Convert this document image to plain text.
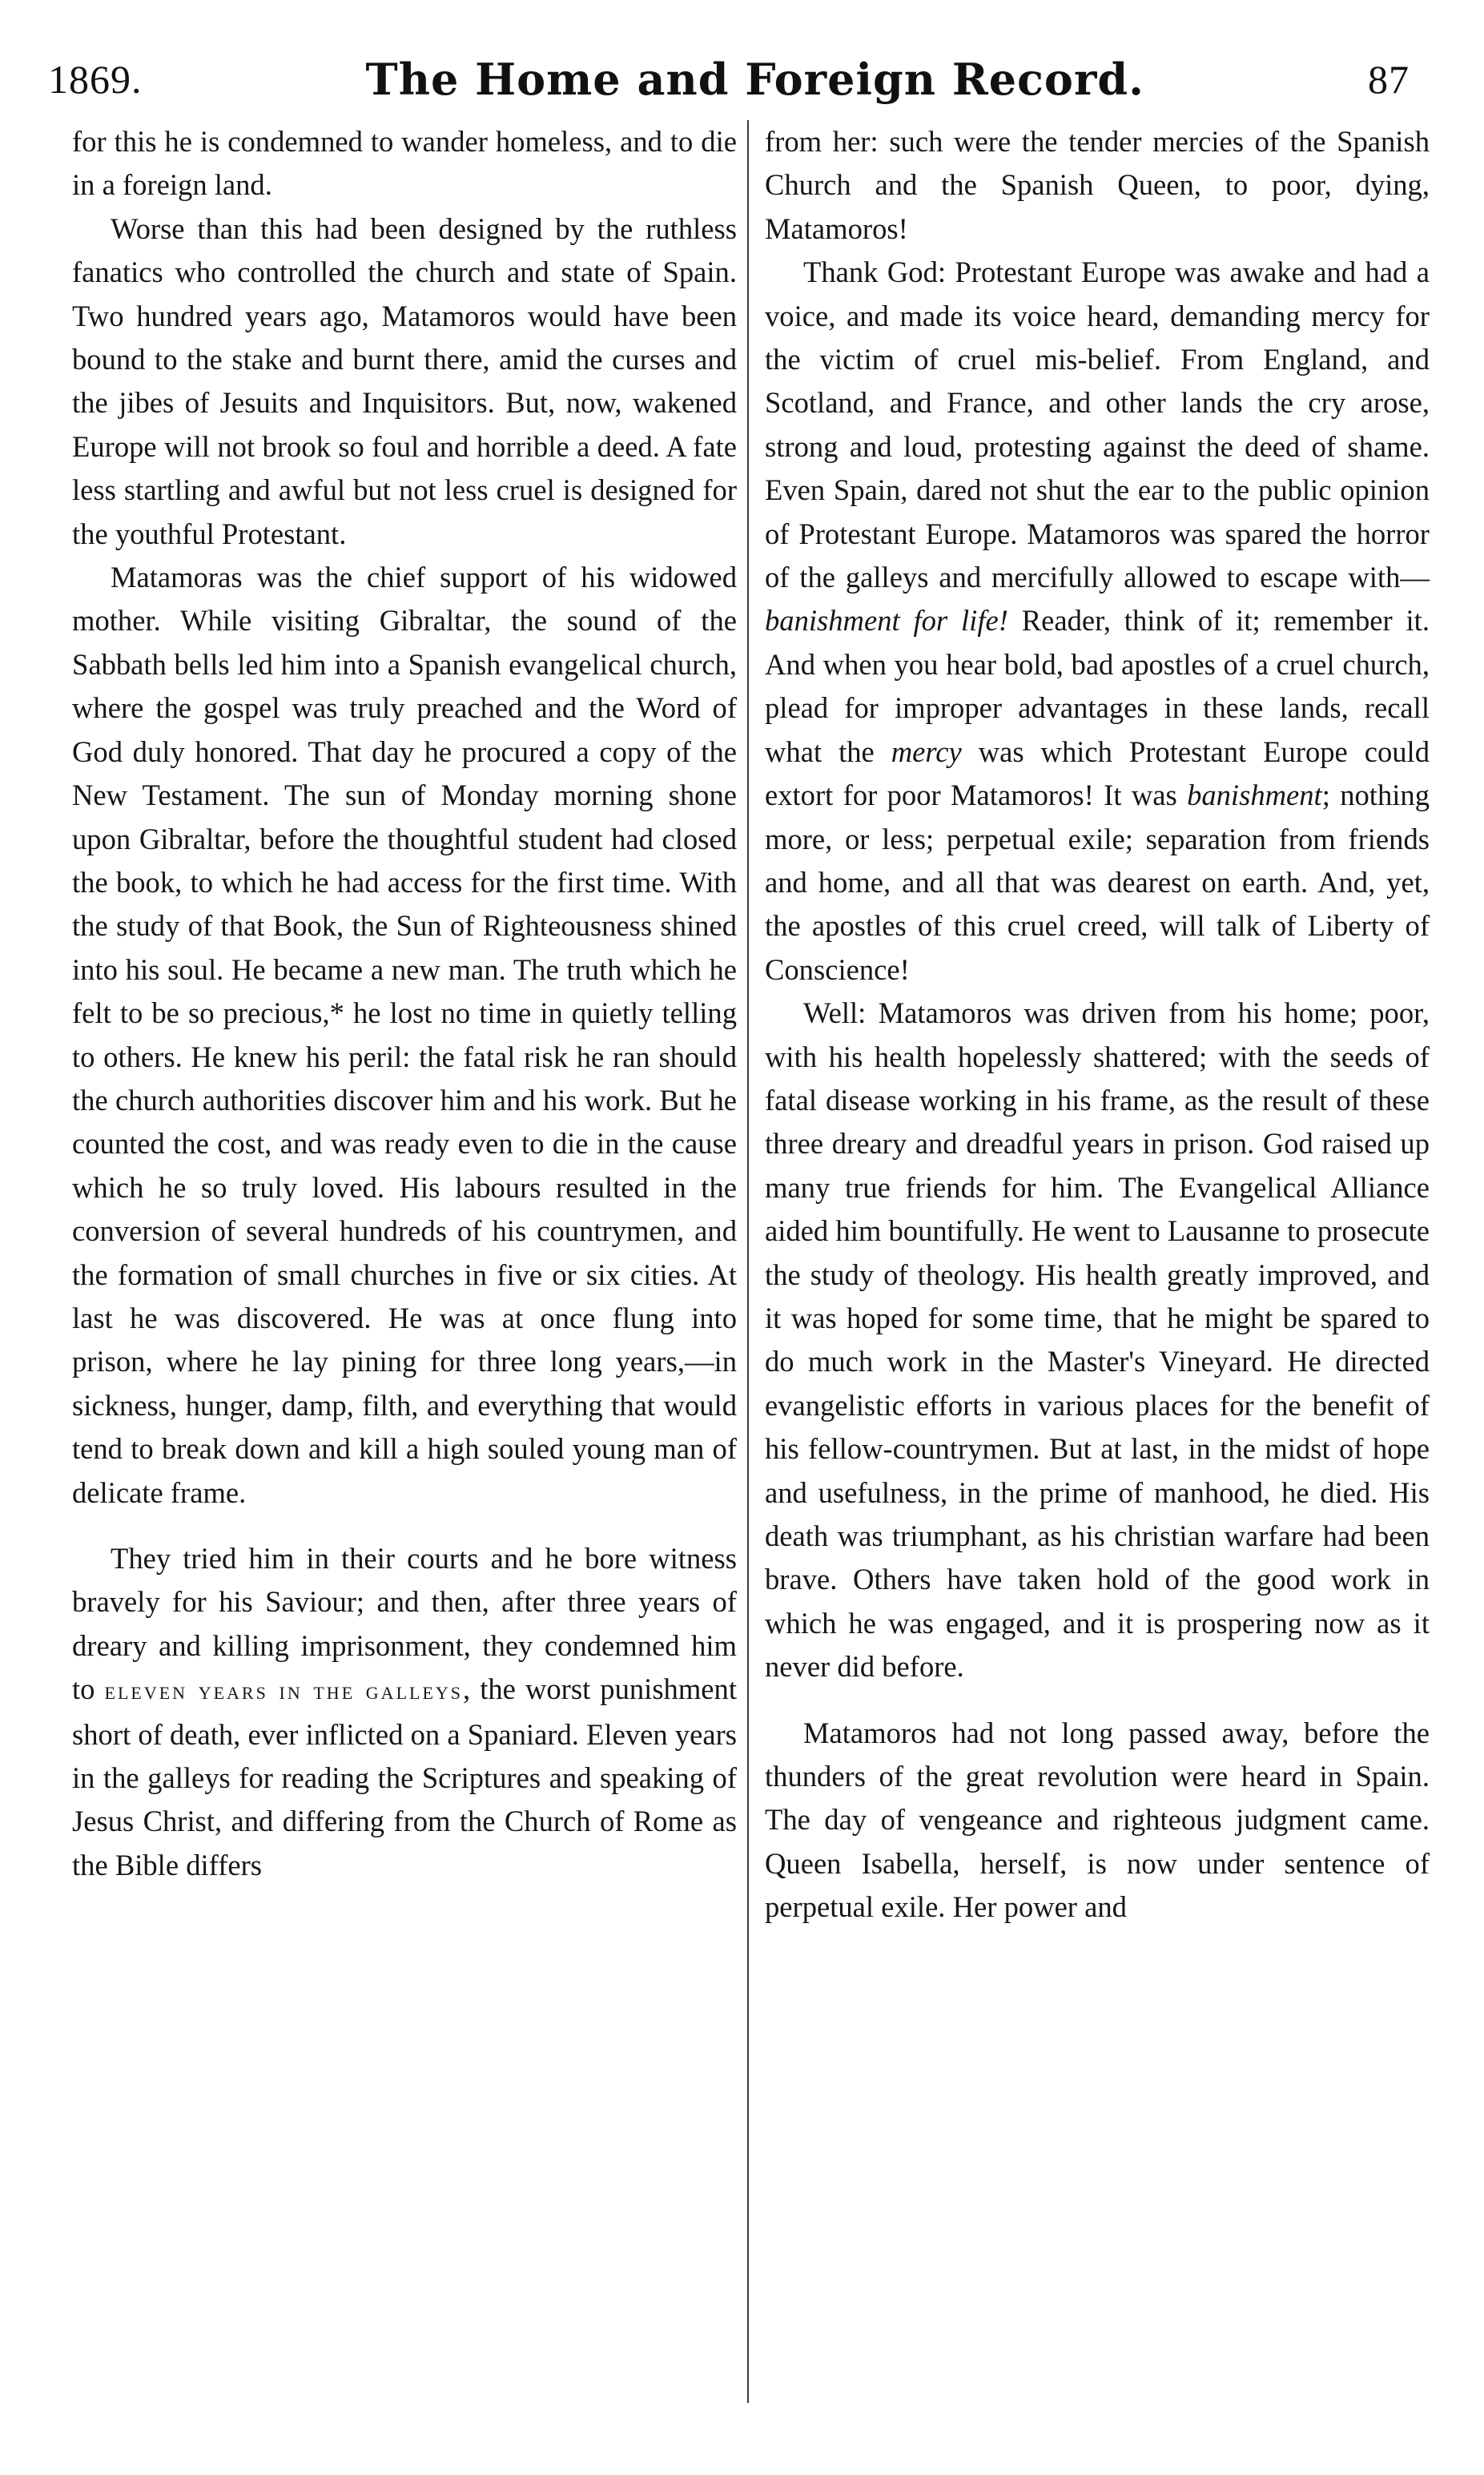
1869.	The Home and Foreign Record.	87

for this he is condemned to wander homeless, and to die in a foreign land.

Worse than this had been designed by the ruthless fanatics who controlled the church and state of Spain. Two hundred years ago, Matamoros would have been bound to the stake and burnt there, amid the curses and the jibes of Jesuits and Inquisitors. But, now, wakened Europe will not brook so foul and horrible a deed. A fate less startling and awful but not less cruel is designed for the youthful Protestant.

Matamoras was the chief support of his widowed mother. While visiting Gibraltar, the sound of the Sabbath bells led him into a Spanish evangelical church, where the gospel was truly preached and the Word of God duly honored. That day he procured a copy of the New Testament. The sun of Monday morning shone upon Gibraltar, before the thoughtful student had closed the book, to which he had access for the first time. With the study of that Book, the Sun of Righteousness shined into his soul. He became a new man. The truth which he felt to be so precious,* he lost no time in quietly telling to others. He knew his peril: the fatal risk he ran should the church authorities discover him and his work. But he counted the cost, and was ready even to die in the cause which he so truly loved. His labours resulted in the conversion of several hundreds of his countrymen, and the formation of small churches in five or six cities. At last he was discovered. He was at once flung into prison, where he lay pining for three long years,—in sickness, hunger, damp, filth, and everything that would tend to break down and kill a high souled young man of delicate frame.

They tried him in their courts and he bore witness bravely for his Saviour; and then, after three years of dreary and killing imprisonment, they condemned him to eleven years in the galleys, the worst punishment short of death, ever inflicted on a Spaniard. Eleven years in the galleys for reading the Scriptures and speaking of Jesus Christ, and differing from the Church of Rome as the Bible differs

from her: such were the tender mercies of the Spanish Church and the Spanish Queen, to poor, dying, Matamoros!

Thank God: Protestant Europe was awake and had a voice, and made its voice heard, demanding mercy for the victim of cruel mis-belief. From England, and Scotland, and France, and other lands the cry arose, strong and loud, protesting against the deed of shame. Even Spain, dared not shut the ear to the public opinion of Protestant Europe. Matamoros was spared the horror of the galleys and mercifully allowed to escape with—banishment for life! Reader, think of it; remember it. And when you hear bold, bad apostles of a cruel church, plead for improper advantages in these lands, recall what the mercy was which Protestant Europe could extort for poor Matamoros! It was banishment; nothing more, or less; perpetual exile; separation from friends and home, and all that was dearest on earth. And, yet, the apostles of this cruel creed, will talk of Liberty of Conscience!

Well: Matamoros was driven from his home; poor, with his health hopelessly shattered; with the seeds of fatal disease working in his frame, as the result of these three dreary and dreadful years in prison. God raised up many true friends for him. The Evangelical Alliance aided him bountifully. He went to Lausanne to prosecute the study of theology. His health greatly improved, and it was hoped for some time, that he might be spared to do much work in the Master's Vineyard. He directed evangelistic efforts in various places for the benefit of his fellow-countrymen. But at last, in the midst of hope and usefulness, in the prime of manhood, he died. His death was triumphant, as his christian warfare had been brave. Others have taken hold of the good work in which he was engaged, and it is prospering now as it never did before.

Matamoros had not long passed away, before the thunders of the great revolution were heard in Spain. The day of vengeance and righteous judgment came. Queen Isabella, herself, is now under sentence of perpetual exile. Her power and
